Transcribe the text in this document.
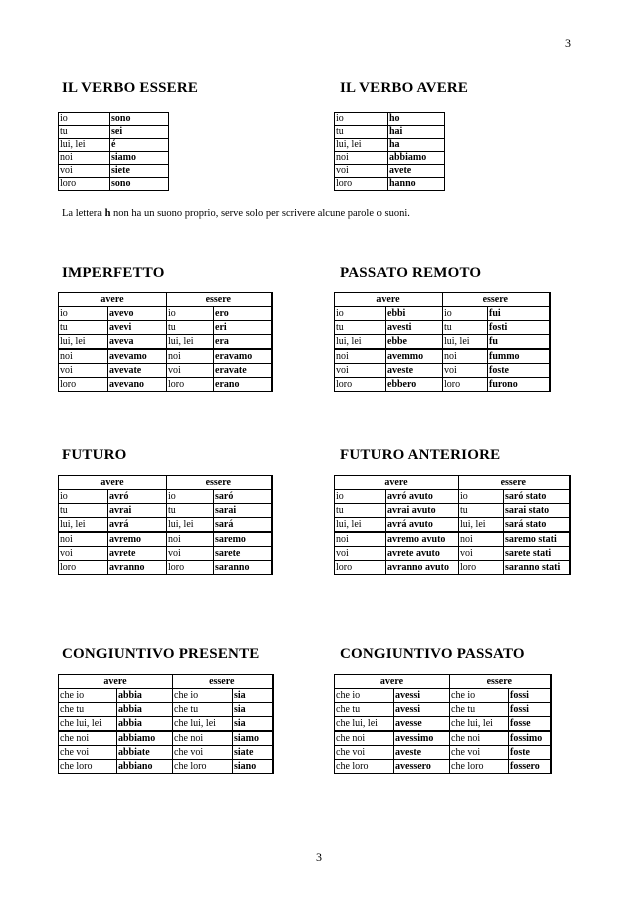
3
IL VERBO ESSERE
io	sono
tu	sei
lui, lei	é
noi	siamo
voi	siete
loro	sono
IL VERBO AVERE
io	ho
tu	hai
lui, lei	ha
noi	abbiamo
voi	avete
loro	hanno
La lettera h non ha un suono proprio, serve solo per scrivere alcune parole o suoni.
IMPERFETTO
avere		essere	
io	avevo	io	ero
tu	avevi	tu	eri
lui, lei	aveva	lui, lei	era
noi	avevamo	noi	eravamo
voi	avevate	voi	eravate
loro	avevano	loro	erano
PASSATO REMOTO
avere		essere	
io	ebbi	io	fui
tu	avesti	tu	fosti
lui, lei	ebbe	lui, lei	fu
noi	avemmo	noi	fummo
voi	aveste	voi	foste
loro	ebbero	loro	furono
FUTURO
avere		essere	
io	avró	io	saró
tu	avrai	tu	sarai
lui, lei	avrá	lui, lei	sará
noi	avremo	noi	saremo
voi	avrete	voi	sarete
loro	avranno	loro	saranno
FUTURO ANTERIORE
avere		essere	
io	avró avuto	io	saró stato
tu	avrai avuto	tu	sarai stato
lui, lei	avrá avuto	lui, lei	sará stato
noi	avremo avuto	noi	saremo stati
voi	avrete avuto	voi	sarete stati
loro	avranno avuto	loro	saranno stati
CONGIUNTIVO PRESENTE
avere		essere	
che io	abbia	che io	sia
che tu	abbia	che tu	sia
che lui, lei	abbia	che lui, lei	sia
che noi	abbiamo	che noi	siamo
che voi	abbiate	che voi	siate
che loro	abbiano	che loro	siano
CONGIUNTIVO PASSATO
avere		essere	
che io	avessi	che io	fossi
che tu	avessi	che tu	fossi
che lui, lei	avesse	che lui, lei	fosse
che noi	avessimo	che noi	fossimo
che voi	aveste	che voi	foste
che loro	avessero	che loro	fossero
3
